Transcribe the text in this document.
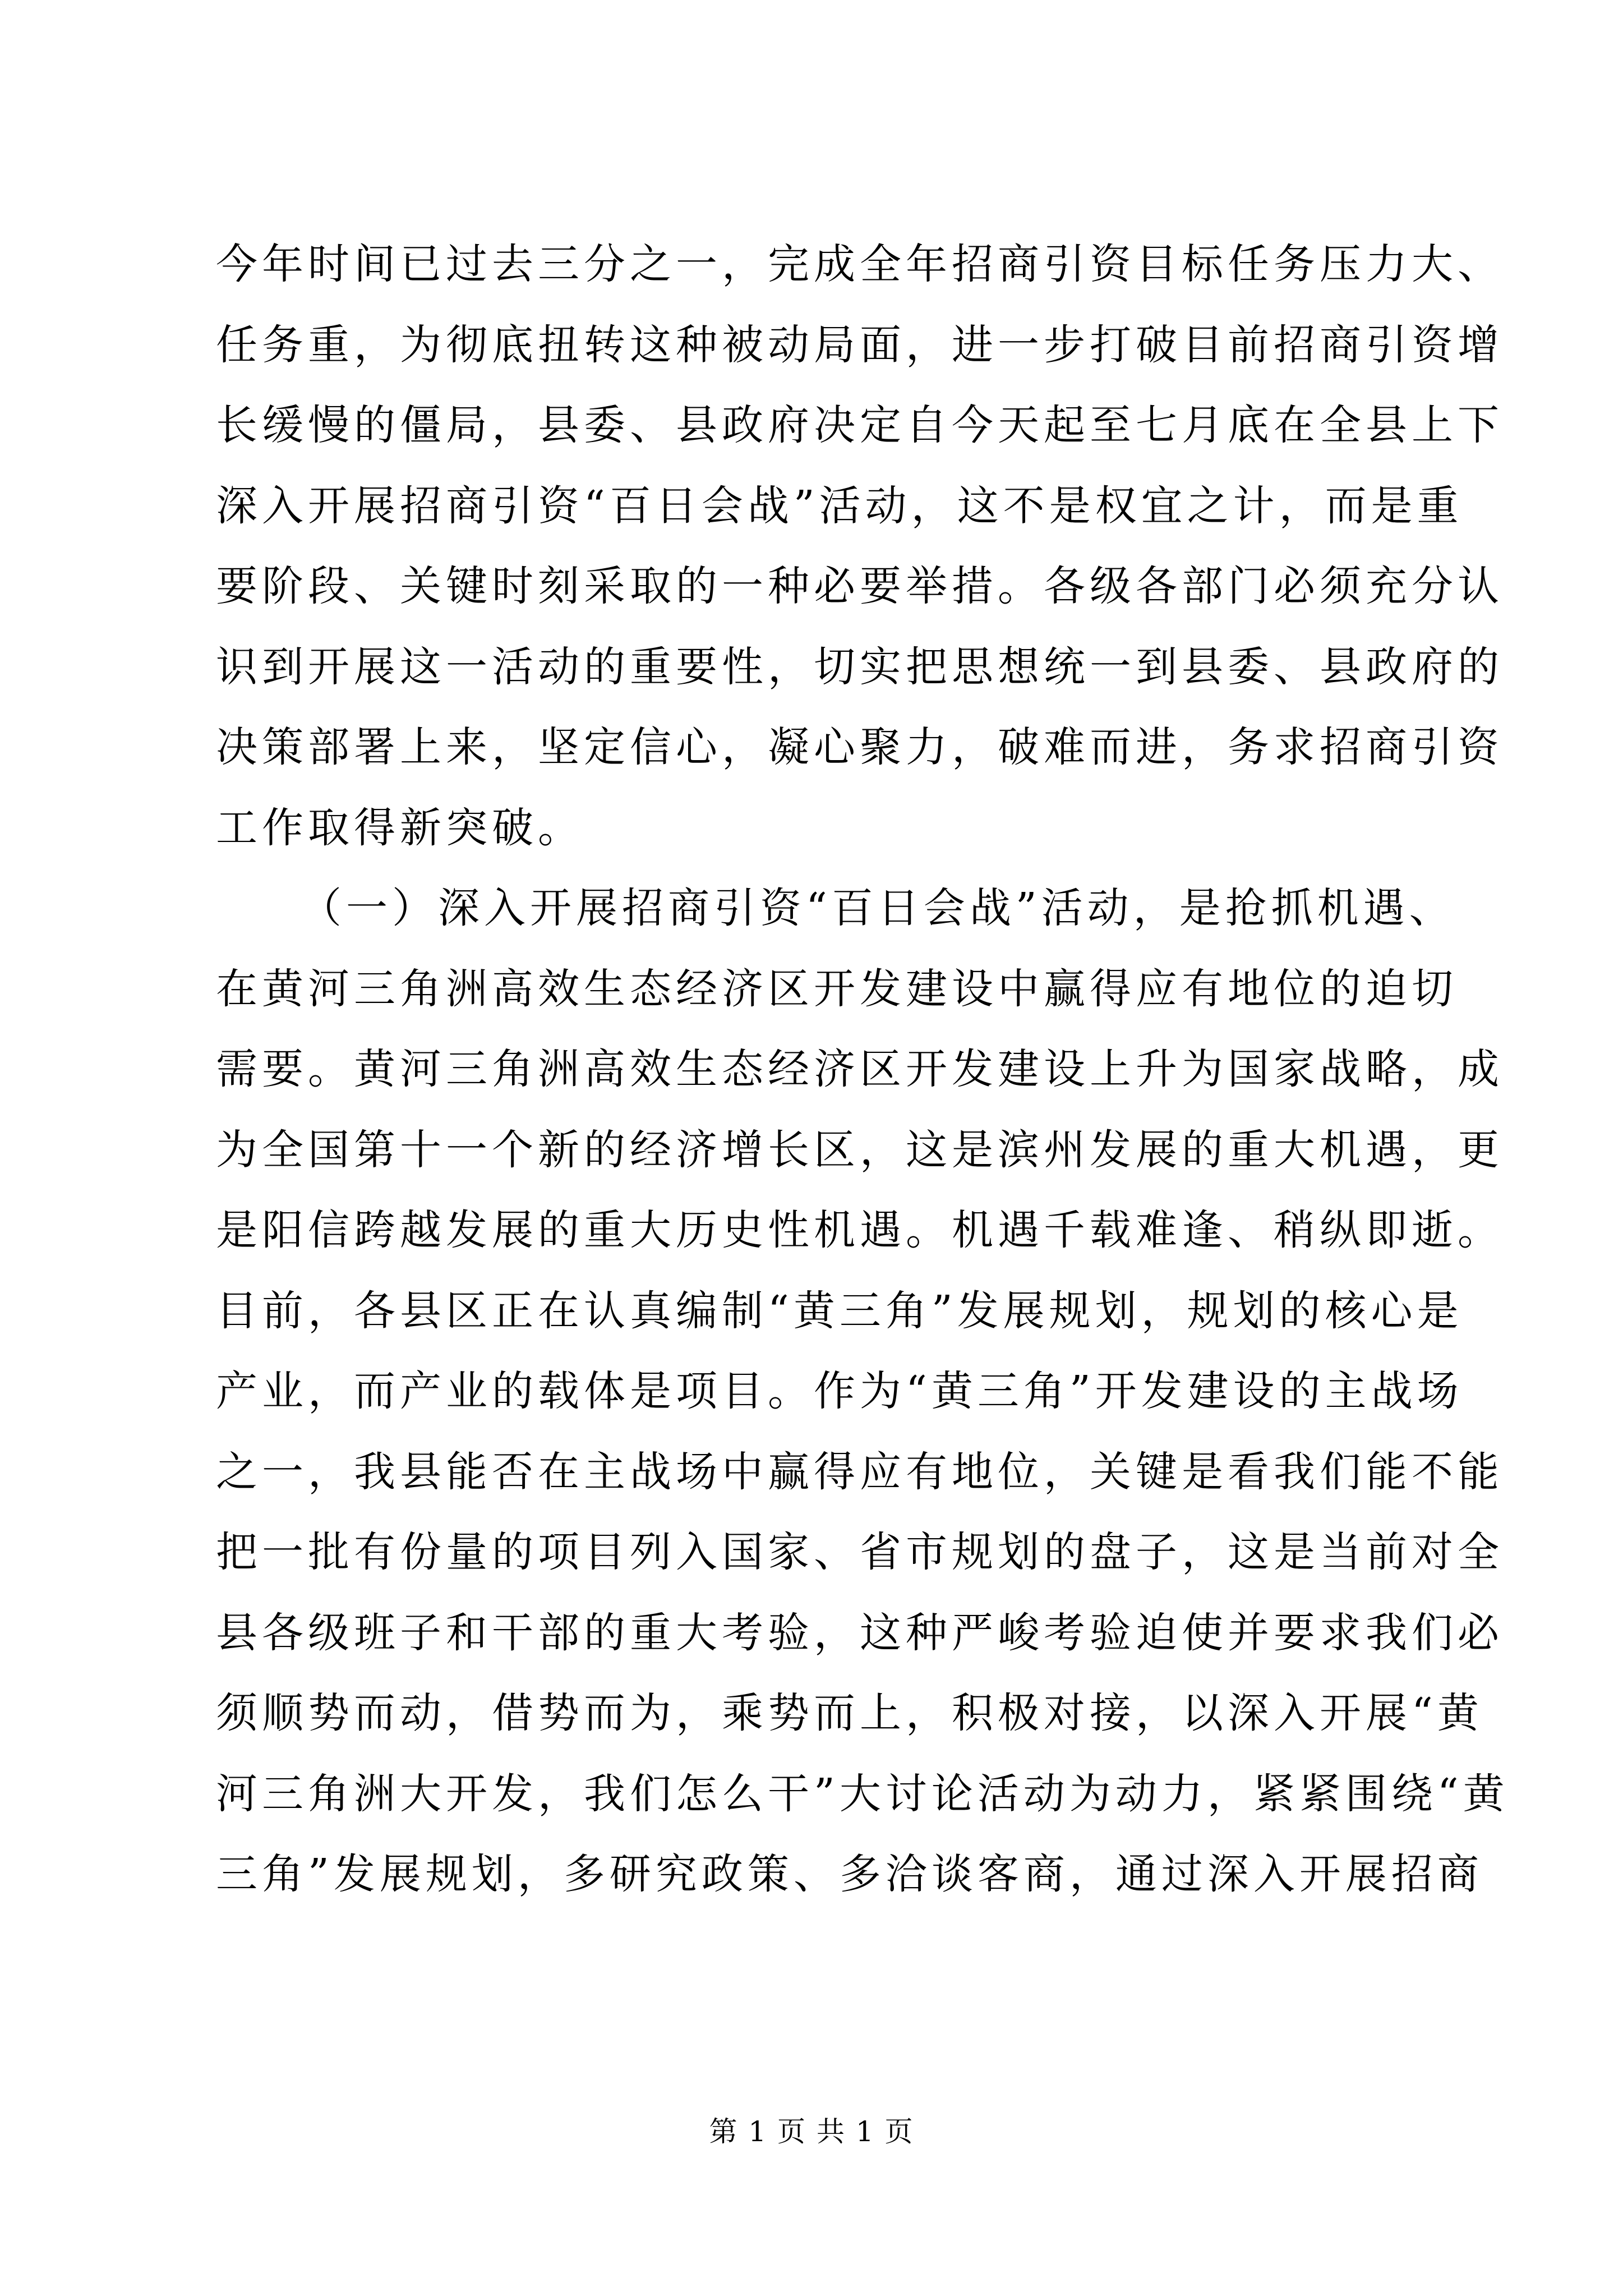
今年时间已过去三分之一，完成全年招商引资目标任务压力大、
任务重，为彻底扭转这种被动局面，进一步打破目前招商引资增
长缓慢的僵局，县委、县政府决定自今天起至七月底在全县上下
深入开展招商引资“百日会战”活动，这不是权宜之计，而是重
要阶段、关键时刻采取的一种必要举措。各级各部门必须充分认
识到开展这一活动的重要性，切实把思想统一到县委、县政府的
决策部署上来，坚定信心，凝心聚力，破难而进，务求招商引资
工作取得新突破。
（一）深入开展招商引资“百日会战”活动，是抢抓机遇、
在黄河三角洲高效生态经济区开发建设中赢得应有地位的迫切
需要。黄河三角洲高效生态经济区开发建设上升为国家战略，成
为全国第十一个新的经济增长区，这是滨州发展的重大机遇，更
是阳信跨越发展的重大历史性机遇。机遇千载难逢、稍纵即逝。
目前，各县区正在认真编制“黄三角”发展规划，规划的核心是
产业，而产业的载体是项目。作为“黄三角”开发建设的主战场
之一，我县能否在主战场中赢得应有地位，关键是看我们能不能
把一批有份量的项目列入国家、省市规划的盘子，这是当前对全
县各级班子和干部的重大考验，这种严峻考验迫使并要求我们必
须顺势而动，借势而为，乘势而上，积极对接，以深入开展“黄
河三角洲大开发，我们怎么干”大讨论活动为动力，紧紧围绕“黄
三角”发展规划，多研究政策、多洽谈客商，通过深入开展招商
第 1 页 共 1 页
